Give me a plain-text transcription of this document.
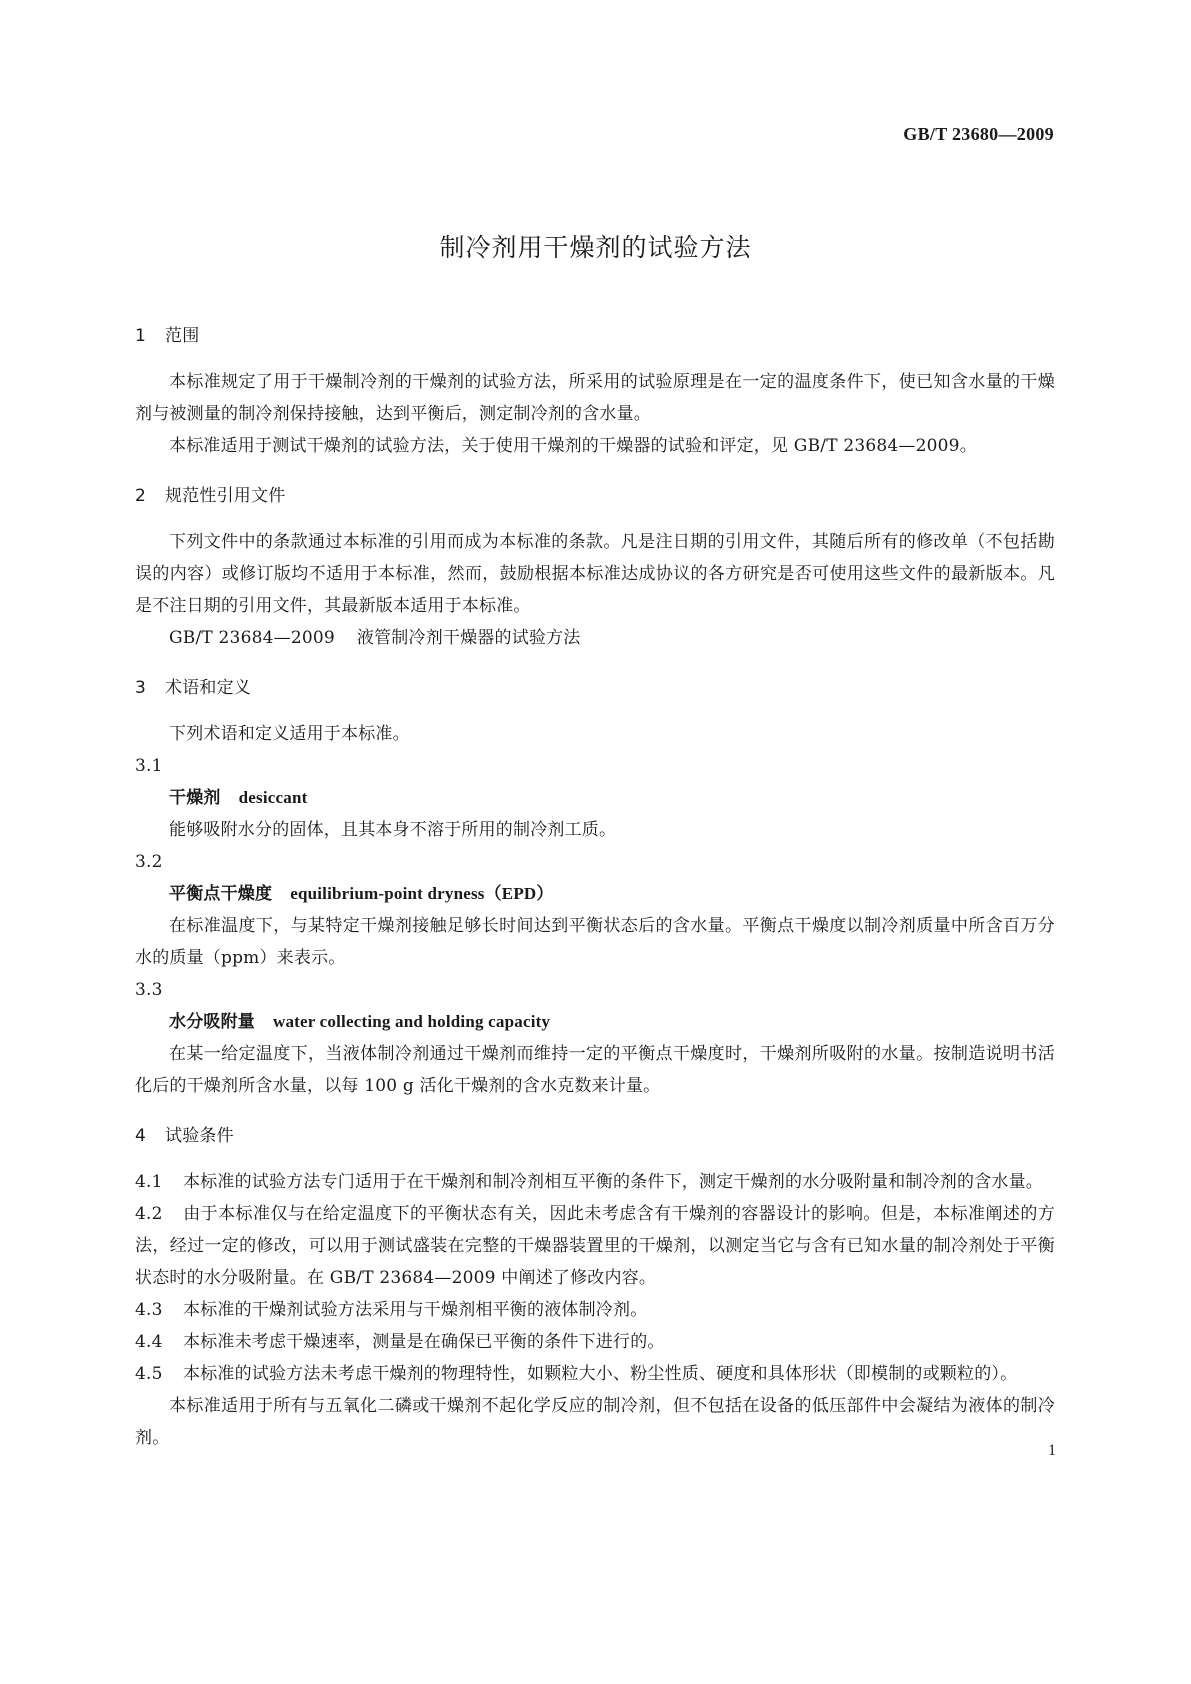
GB/T 23680—2009
制冷剂用干燥剂的试验方法
1 范围

本标准规定了用于干燥制冷剂的干燥剂的试验方法，所采用的试验原理是在一定的温度条件下，使已知含水量的干燥剂与被测量的制冷剂保持接触，达到平衡后，测定制冷剂的含水量。

本标准适用于测试干燥剂的试验方法，关于使用干燥剂的干燥器的试验和评定，见 GB/T 23684—2009。

2 规范性引用文件

下列文件中的条款通过本标准的引用而成为本标准的条款。凡是注日期的引用文件，其随后所有的修改单（不包括勘误的内容）或修订版均不适用于本标准，然而，鼓励根据本标准达成协议的各方研究是否可使用这些文件的最新版本。凡是不注日期的引用文件，其最新版本适用于本标准。

GB/T 23684—2009 液管制冷剂干燥器的试验方法

3 术语和定义

下列术语和定义适用于本标准。

3.1

干燥剂 desiccant

能够吸附水分的固体，且其本身不溶于所用的制冷剂工质。

3.2

平衡点干燥度 equilibrium-point dryness（EPD）

在标准温度下，与某特定干燥剂接触足够长时间达到平衡状态后的含水量。平衡点干燥度以制冷剂质量中所含百万分水的质量（ppm）来表示。

3.3

水分吸附量 water collecting and holding capacity

在某一给定温度下，当液体制冷剂通过干燥剂而维持一定的平衡点干燥度时，干燥剂所吸附的水量。按制造说明书活化后的干燥剂所含水量，以每 100 g 活化干燥剂的含水克数来计量。

4 试验条件

4.1 本标准的试验方法专门适用于在干燥剂和制冷剂相互平衡的条件下，测定干燥剂的水分吸附量和制冷剂的含水量。

4.2 由于本标准仅与在给定温度下的平衡状态有关，因此未考虑含有干燥剂的容器设计的影响。但是，本标准阐述的方法，经过一定的修改，可以用于测试盛装在完整的干燥器装置里的干燥剂，以测定当它与含有已知水量的制冷剂处于平衡状态时的水分吸附量。在 GB/T 23684—2009 中阐述了修改内容。

4.3 本标准的干燥剂试验方法采用与干燥剂相平衡的液体制冷剂。

4.4 本标准未考虑干燥速率，测量是在确保已平衡的条件下进行的。

4.5 本标准的试验方法未考虑干燥剂的物理特性，如颗粒大小、粉尘性质、硬度和具体形状（即模制的或颗粒的）。

本标准适用于所有与五氧化二磷或干燥剂不起化学反应的制冷剂，但不包括在设备的低压部件中会凝结为液体的制冷剂。

1
